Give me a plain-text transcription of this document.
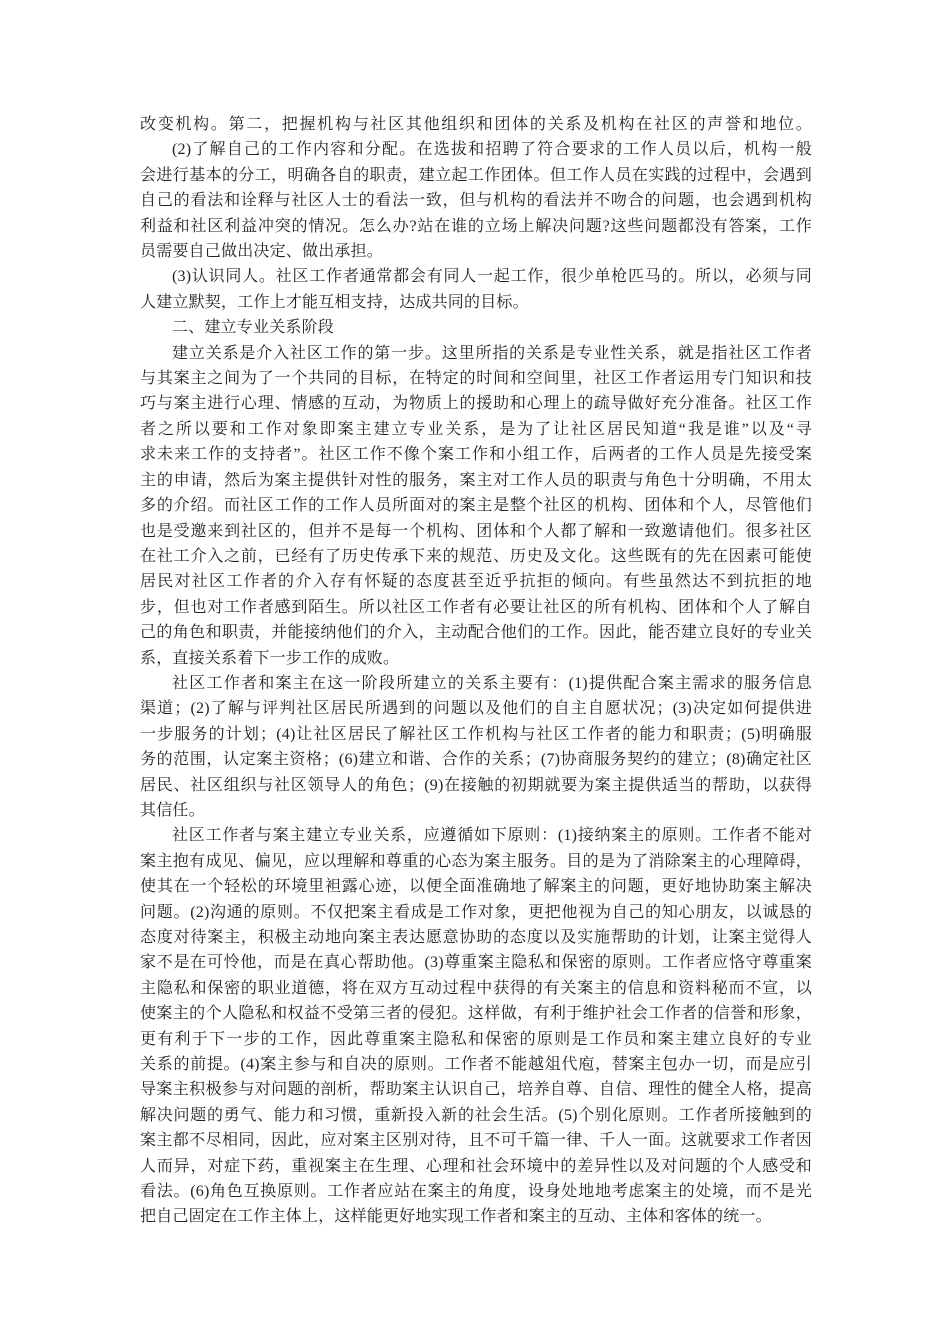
改变机构。第二，把握机构与社区其他组织和团体的关系及机构在社区的声誉和地位。
(2)了解自己的工作内容和分配。在选拔和招聘了符合要求的工作人员以后，机构一般
会进行基本的分工，明确各自的职责，建立起工作团体。但工作人员在实践的过程中，会遇到
自己的看法和诠释与社区人士的看法一致，但与机构的看法并不吻合的问题，也会遇到机构
利益和社区利益冲突的情况。怎么办?站在谁的立场上解决问题?这些问题都没有答案，工作
员需要自己做出决定、做出承担。
(3)认识同人。社区工作者通常都会有同人一起工作，很少单枪匹马的。所以，必须与同
人建立默契，工作上才能互相支持，达成共同的目标。
二、建立专业关系阶段
建立关系是介入社区工作的第一步。这里所指的关系是专业性关系，就是指社区工作者
与其案主之间为了一个共同的目标，在特定的时间和空间里，社区工作者运用专门知识和技
巧与案主进行心理、情感的互动，为物质上的援助和心理上的疏导做好充分准备。社区工作
者之所以要和工作对象即案主建立专业关系，是为了让社区居民知道“我是谁”以及“寻
求未来工作的支持者”。社区工作不像个案工作和小组工作，后两者的工作人员是先接受案
主的申请，然后为案主提供针对性的服务，案主对工作人员的职责与角色十分明确，不用太
多的介绍。而社区工作的工作人员所面对的案主是整个社区的机构、团体和个人，尽管他们
也是受邀来到社区的，但并不是每一个机构、团体和个人都了解和一致邀请他们。很多社区
在社工介入之前，已经有了历史传承下来的规范、历史及文化。这些既有的先在因素可能使
居民对社区工作者的介入存有怀疑的态度甚至近乎抗拒的倾向。有些虽然达不到抗拒的地
步，但也对工作者感到陌生。所以社区工作者有必要让社区的所有机构、团体和个人了解自
己的角色和职责，并能接纳他们的介入，主动配合他们的工作。因此，能否建立良好的专业关
系，直接关系着下一步工作的成败。
社区工作者和案主在这一阶段所建立的关系主要有：(1)提供配合案主需求的服务信息
渠道；(2)了解与评判社区居民所遇到的问题以及他们的自主自愿状况；(3)决定如何提供进
一步服务的计划；(4)让社区居民了解社区工作机构与社区工作者的能力和职责；(5)明确服
务的范围，认定案主资格；(6)建立和谐、合作的关系；(7)协商服务契约的建立；(8)确定社区
居民、社区组织与社区领导人的角色；(9)在接触的初期就要为案主提供适当的帮助，以获得
其信任。
社区工作者与案主建立专业关系，应遵循如下原则：(1)接纳案主的原则。工作者不能对
案主抱有成见、偏见，应以理解和尊重的心态为案主服务。目的是为了消除案主的心理障碍，
使其在一个轻松的环境里袒露心迹，以便全面准确地了解案主的问题，更好地协助案主解决
问题。(2)沟通的原则。不仅把案主看成是工作对象，更把他视为自己的知心朋友，以诚恳的
态度对待案主，积极主动地向案主表达愿意协助的态度以及实施帮助的计划，让案主觉得人
家不是在可怜他，而是在真心帮助他。(3)尊重案主隐私和保密的原则。工作者应恪守尊重案
主隐私和保密的职业道德，将在双方互动过程中获得的有关案主的信息和资料秘而不宣，以
使案主的个人隐私和权益不受第三者的侵犯。这样做，有利于维护社会工作者的信誉和形象，
更有利于下一步的工作，因此尊重案主隐私和保密的原则是工作员和案主建立良好的专业
关系的前提。(4)案主参与和自决的原则。工作者不能越俎代庖，替案主包办一切，而是应引
导案主积极参与对问题的剖析，帮助案主认识自己，培养自尊、自信、理性的健全人格，提高
解决问题的勇气、能力和习惯，重新投入新的社会生活。(5)个别化原则。工作者所接触到的
案主都不尽相同，因此，应对案主区别对待，且不可千篇一律、千人一面。这就要求工作者因
人而异，对症下药，重视案主在生理、心理和社会环境中的差异性以及对问题的个人感受和
看法。(6)角色互换原则。工作者应站在案主的角度，设身处地地考虑案主的处境，而不是光
把自己固定在工作主体上，这样能更好地实现工作者和案主的互动、主体和客体的统一。
